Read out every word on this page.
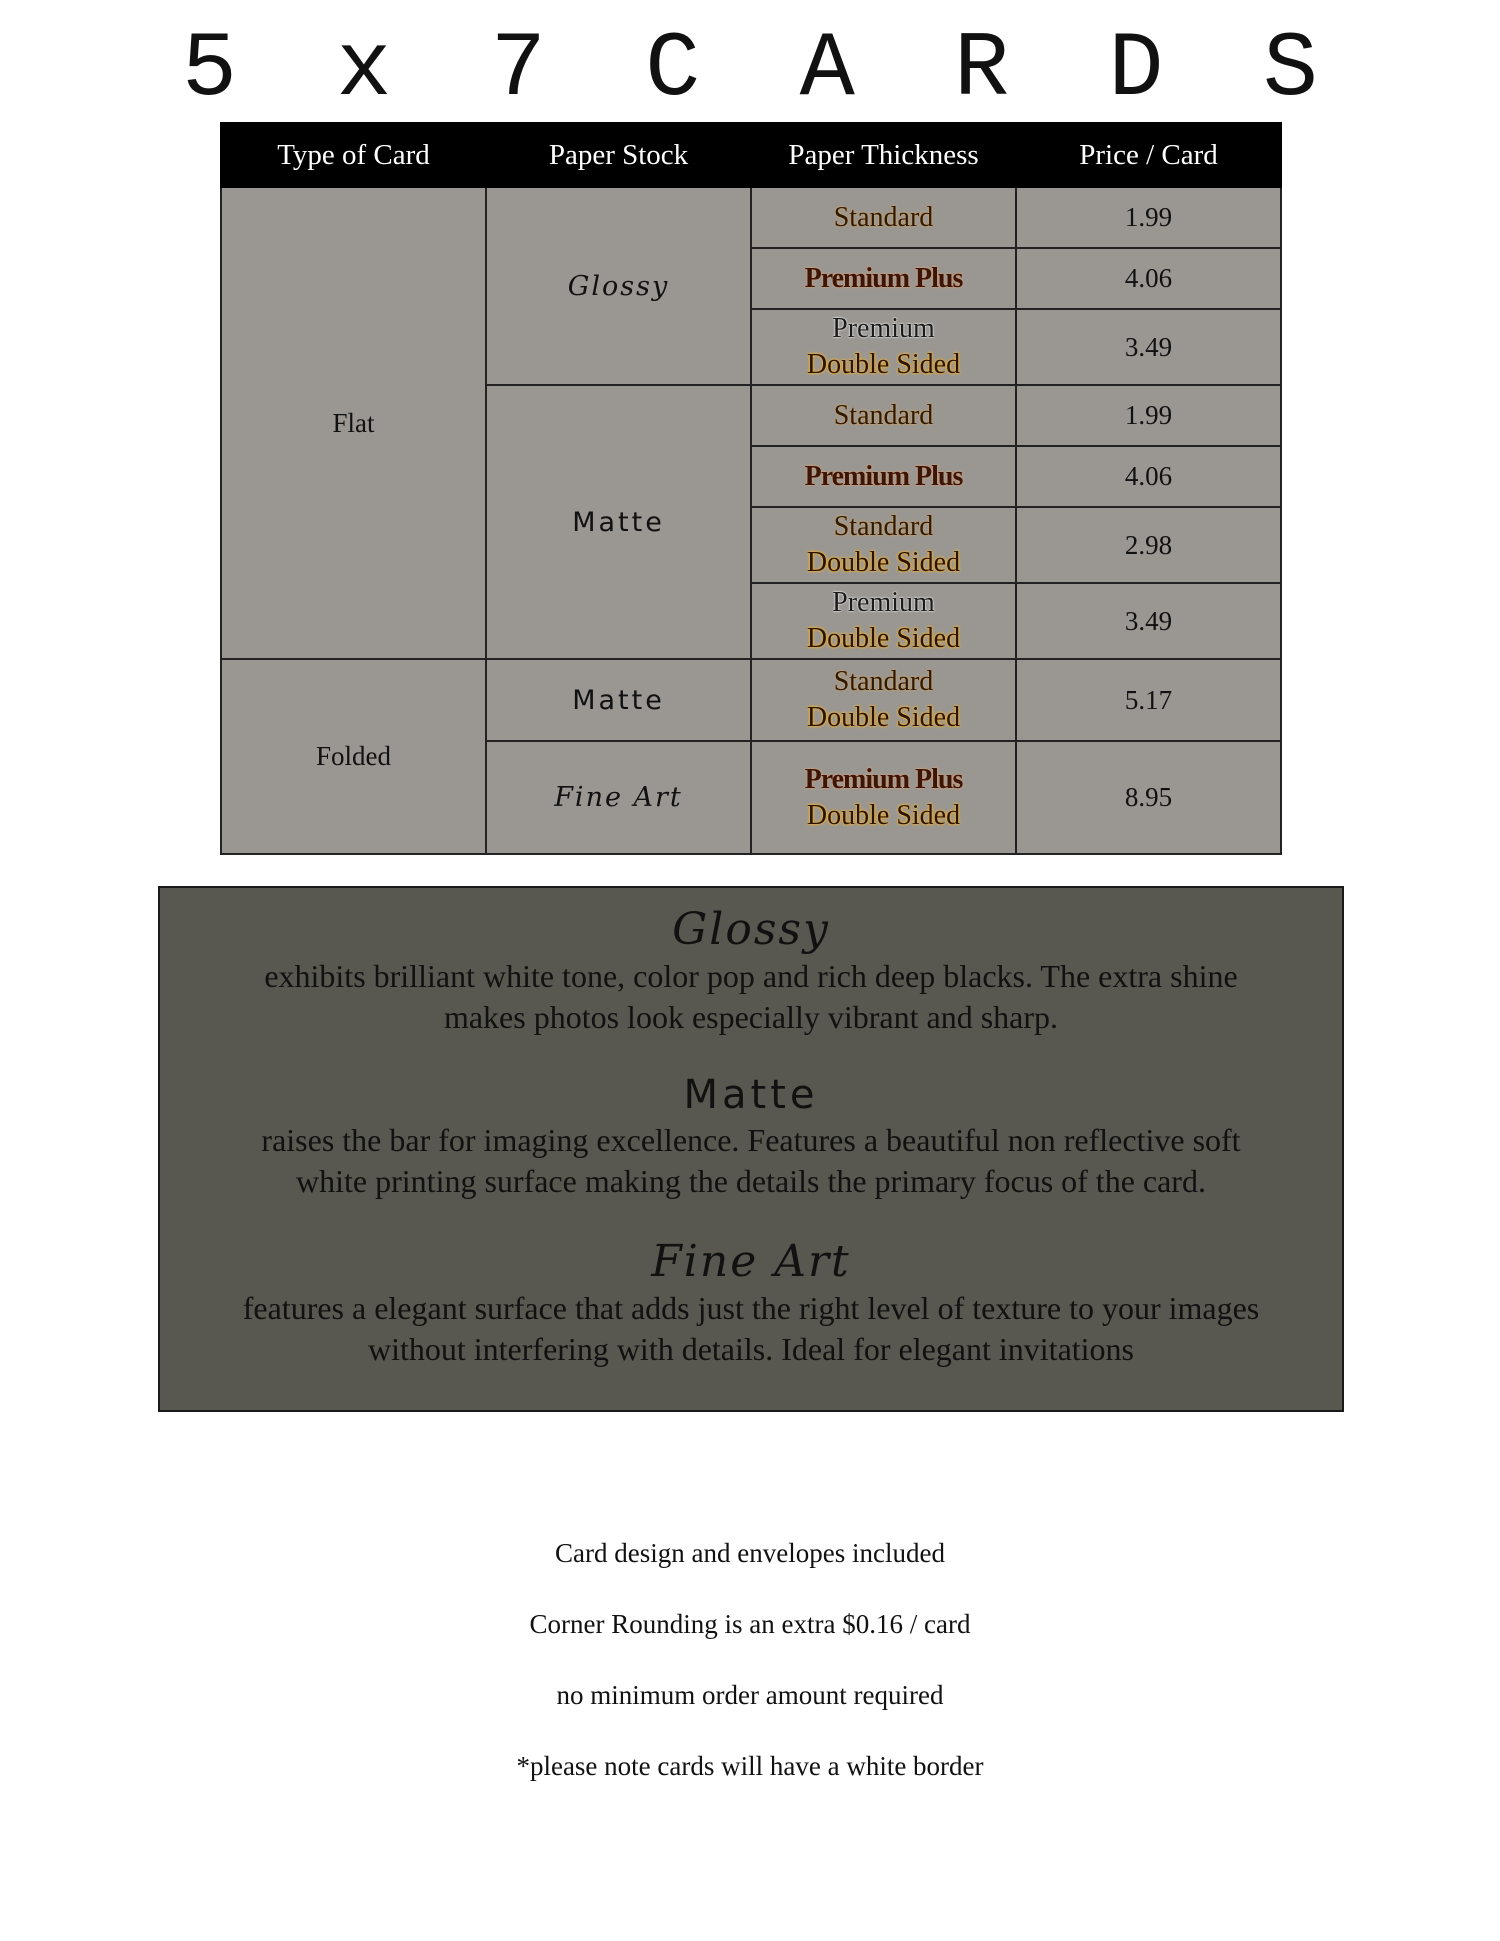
5 x 7 C A R D S
Type of Card	Paper Stock	Paper Thickness	Price / Card
Flat	Glossy	Standard	1.99

		Premium Plus	4.06

		Premium
Double Sided	3.49
	Matte	Standard	1.99

		Premium Plus	4.06

		Standard
Double Sided	2.98

		Premium
Double Sided	3.49
Folded	Matte	Standard
Double Sided	5.17
	Fine Art	Premium Plus
Double Sided	8.95

Glossy

exhibits brilliant white tone, color pop and rich deep blacks. The extra shine

makes photos look especially vibrant and sharp.

Matte

raises the bar for imaging excellence. Features a beautiful non reflective soft

white printing surface making the details the primary focus of the card.

Fine Art

features a elegant surface that adds just the right level of texture to your images

without interfering with details. Ideal for elegant invitations

Card design and envelopes included

Corner Rounding is an extra $0.16 / card

no minimum order amount required

*please note cards will have a white border
